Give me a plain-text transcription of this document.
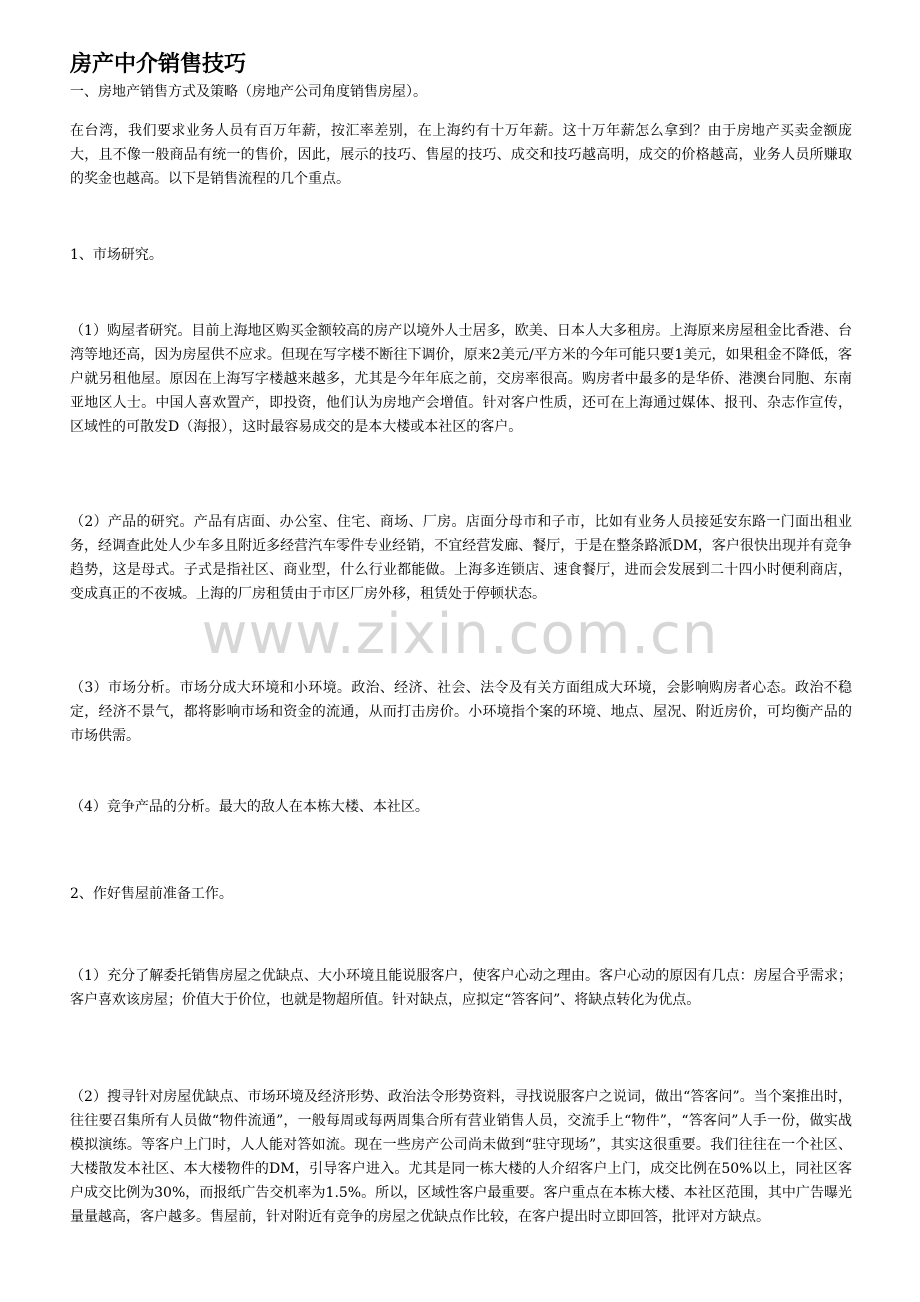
房产中介销售技巧

一、房地产销售方式及策略（房地产公司角度销售房屋）。

在台湾，我们要求业务人员有百万年薪，按汇率差别，在上海约有十万年薪。这十万年薪怎么拿到？由于房地产买卖金额庞大，且不像一般商品有统一的售价，因此，展示的技巧、售屋的技巧、成交和技巧越高明，成交的价格越高，业务人员所赚取的奖金也越高。以下是销售流程的几个重点。

1、市场研究。

（1）购屋者研究。目前上海地区购买金额较高的房产以境外人士居多，欧美、日本人大多租房。上海原来房屋租金比香港、台湾等地还高，因为房屋供不应求。但现在写字楼不断往下调价，原来2美元/平方米的今年可能只要1美元，如果租金不降低，客户就另租他屋。原因在上海写字楼越来越多，尤其是今年年底之前，交房率很高。购房者中最多的是华侨、港澳台同胞、东南亚地区人士。中国人喜欢置产，即投资，他们认为房地产会增值。针对客户性质，还可在上海通过媒体、报刊、杂志作宣传，区域性的可散发D（海报），这时最容易成交的是本大楼或本社区的客户。

（2）产品的研究。产品有店面、办公室、住宅、商场、厂房。店面分母市和子市，比如有业务人员接延安东路一门面出租业务，经调查此处人少车多且附近多经营汽车零件专业经销，不宜经营发廊、餐厅，于是在整条路派DM，客户很快出现并有竞争趋势，这是母式。子式是指社区、商业型，什么行业都能做。上海多连锁店、速食餐厅，进而会发展到二十四小时便利商店，变成真正的不夜城。上海的厂房租赁由于市区厂房外移，租赁处于停顿状态。

（3）市场分析。市场分成大环境和小环境。政治、经济、社会、法令及有关方面组成大环境，会影响购房者心态。政治不稳定，经济不景气，都将影响市场和资金的流通，从而打击房价。小环境指个案的环境、地点、屋况、附近房价，可均衡产品的市场供需。

（4）竞争产品的分析。最大的敌人在本栋大楼、本社区。

2、作好售屋前准备工作。

（1）充分了解委托销售房屋之优缺点、大小环境且能说服客户，使客户心动之理由。客户心动的原因有几点：房屋合乎需求；客户喜欢该房屋；价值大于价位，也就是物超所值。针对缺点，应拟定“答客问”、将缺点转化为优点。

（2）搜寻针对房屋优缺点、市场环境及经济形势、政治法令形势资料，寻找说服客户之说词，做出“答客问”。当个案推出时，往往要召集所有人员做“物件流通”，一般每周或每两周集合所有营业销售人员，交流手上“物件”，“答客问”人手一份，做实战模拟演练。等客户上门时，人人能对答如流。现在一些房产公司尚未做到“驻守现场”，其实这很重要。我们往往在一个社区、大楼散发本社区、本大楼物件的DM，引导客户进入。尤其是同一栋大楼的人介绍客户上门，成交比例在50%以上，同社区客户成交比例为30%，而报纸广告交机率为1.5%。所以，区域性客户最重要。客户重点在本栋大楼、本社区范围，其中广告曝光量量越高，客户越多。售屋前，针对附近有竞争的房屋之优缺点作比较，在客户提出时立即回答，批评对方缺点。

www.zixin.com.cn
